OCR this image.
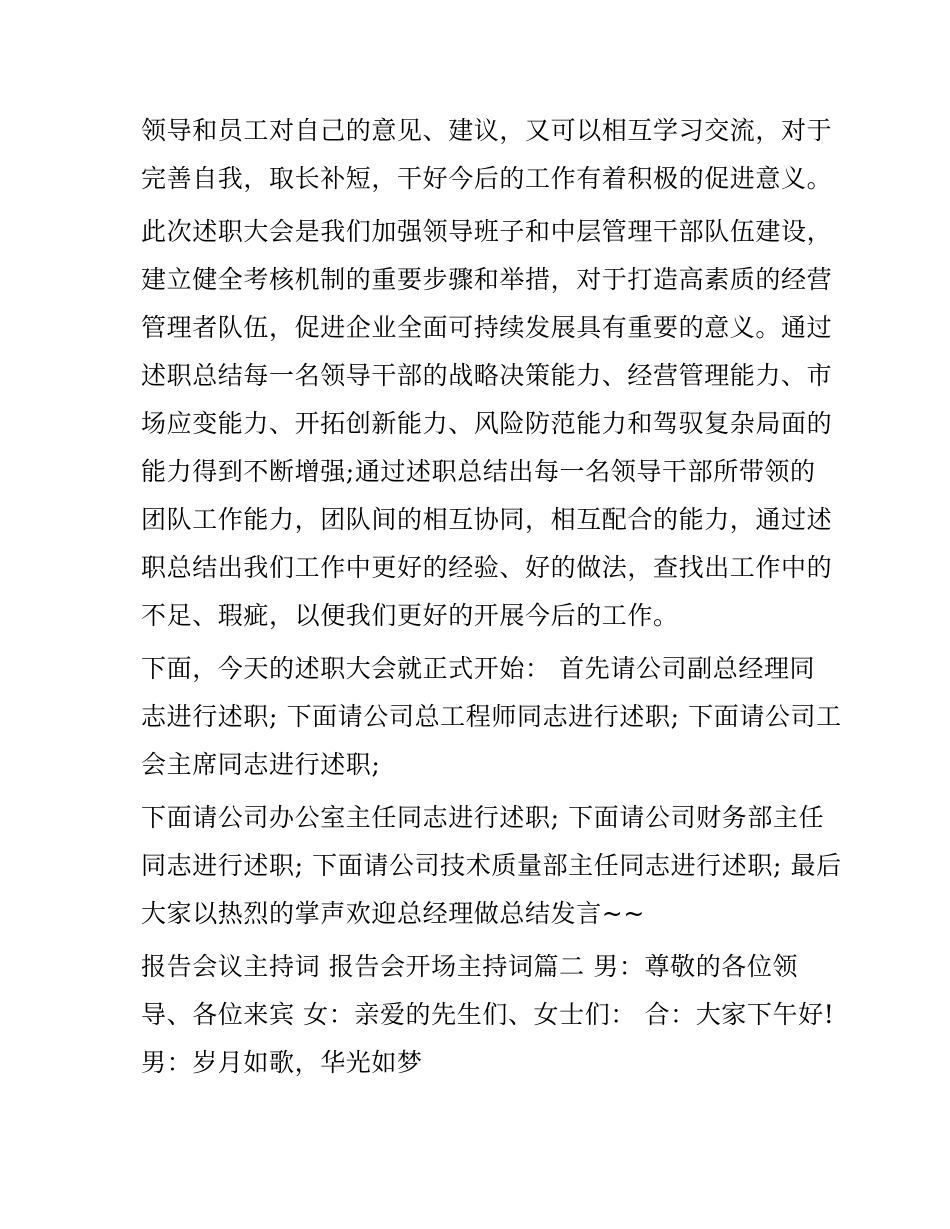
领导和员工对自己的意见、建议，又可以相互学习交流，对于
完善自我，取长补短，干好今后的工作有着积极的促进意义。
此次述职大会是我们加强领导班子和中层管理干部队伍建设，
建立健全考核机制的重要步骤和举措，对于打造高素质的经营
管理者队伍，促进企业全面可持续发展具有重要的意义。通过
述职总结每一名领导干部的战略决策能力、经营管理能力、市
场应变能力、开拓创新能力、风险防范能力和驾驭复杂局面的
能力得到不断增强;通过述职总结出每一名领导干部所带领的
团队工作能力，团队间的相互协同，相互配合的能力，通过述
职总结出我们工作中更好的经验、好的做法，查找出工作中的
不足、瑕疵，以便我们更好的开展今后的工作。
下面，今天的述职大会就正式开始： 首先请公司副总经理同
志进行述职; 下面请公司总工程师同志进行述职; 下面请公司工
会主席同志进行述职;
下面请公司办公室主任同志进行述职; 下面请公司财务部主任
同志进行述职; 下面请公司技术质量部主任同志进行述职; 最后
大家以热烈的掌声欢迎总经理做总结发言~~
报告会议主持词 报告会开场主持词篇二 男：尊敬的各位领
导、各位来宾 女：亲爱的先生们、女士们： 合：大家下午好!
男：岁月如歌，华光如梦
